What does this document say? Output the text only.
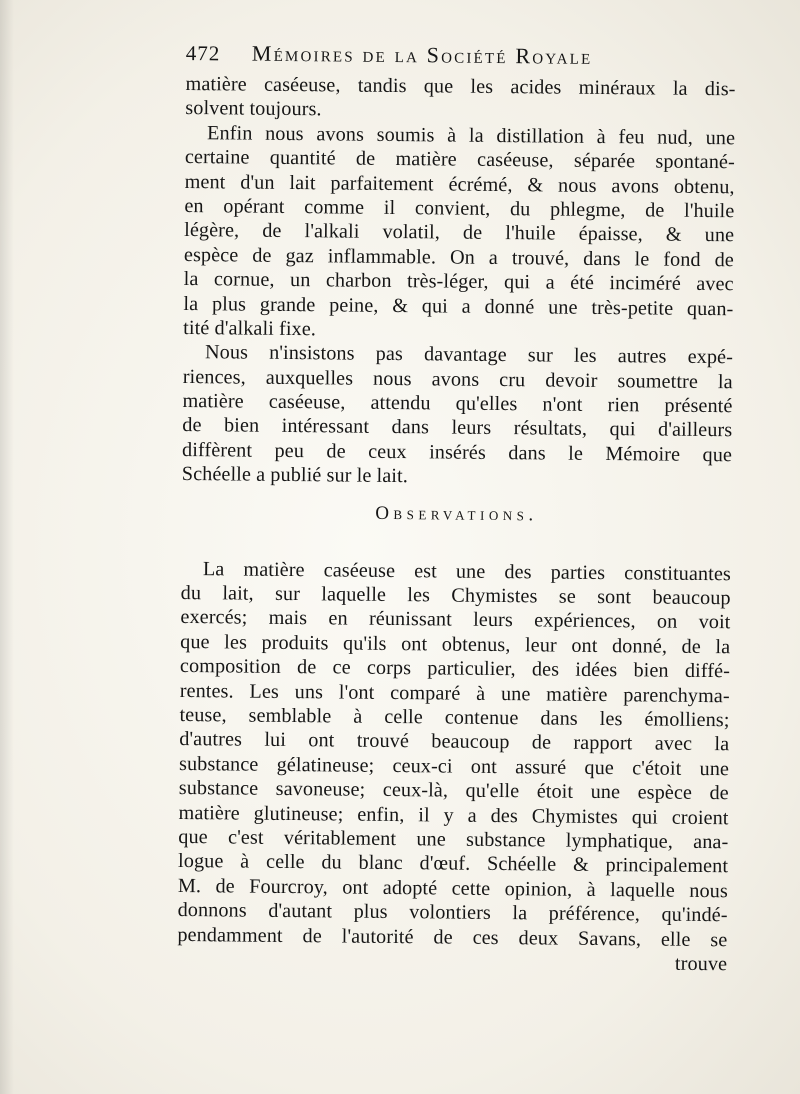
472	Mémoires de la Société Royale
matière caséeuse, tandis que les acides minéraux la dis-
solvent toujours.
Enfin nous avons soumis à la distillation à feu nud, une
certaine quantité de matière caséeuse, séparée spontané-
ment d'un lait parfaitement écrémé, & nous avons obtenu,
en opérant comme il convient, du phlegme, de l'huile
légère, de l'alkali volatil, de l'huile épaisse, & une
espèce de gaz inflammable. On a trouvé, dans le fond de
la cornue, un charbon très-léger, qui a été inciméré avec
la plus grande peine, & qui a donné une très-petite quan-
tité d'alkali fixe.
Nous n'insistons pas davantage sur les autres expé-
riences, auxquelles nous avons cru devoir soumettre la
matière caséeuse, attendu qu'elles n'ont rien présenté
de bien intéressant dans leurs résultats, qui d'ailleurs
diffèrent peu de ceux insérés dans le Mémoire que
Schéelle a publié sur le lait.
Observations.
La matière caséeuse est une des parties constituantes
du lait, sur laquelle les Chymistes se sont beaucoup
exercés; mais en réunissant leurs expériences, on voit
que les produits qu'ils ont obtenus, leur ont donné, de la
composition de ce corps particulier, des idées bien diffé-
rentes. Les uns l'ont comparé à une matière parenchyma-
teuse, semblable à celle contenue dans les émolliens;
d'autres lui ont trouvé beaucoup de rapport avec la
substance gélatineuse; ceux-ci ont assuré que c'étoit une
substance savoneuse; ceux-là, qu'elle étoit une espèce de
matière glutineuse; enfin, il y a des Chymistes qui croient
que c'est véritablement une substance lymphatique, ana-
logue à celle du blanc d'œuf. Schéelle & principalement
M. de Fourcroy, ont adopté cette opinion, à laquelle nous
donnons d'autant plus volontiers la préférence, qu'indé-
pendamment de l'autorité de ces deux Savans, elle se
trouve
